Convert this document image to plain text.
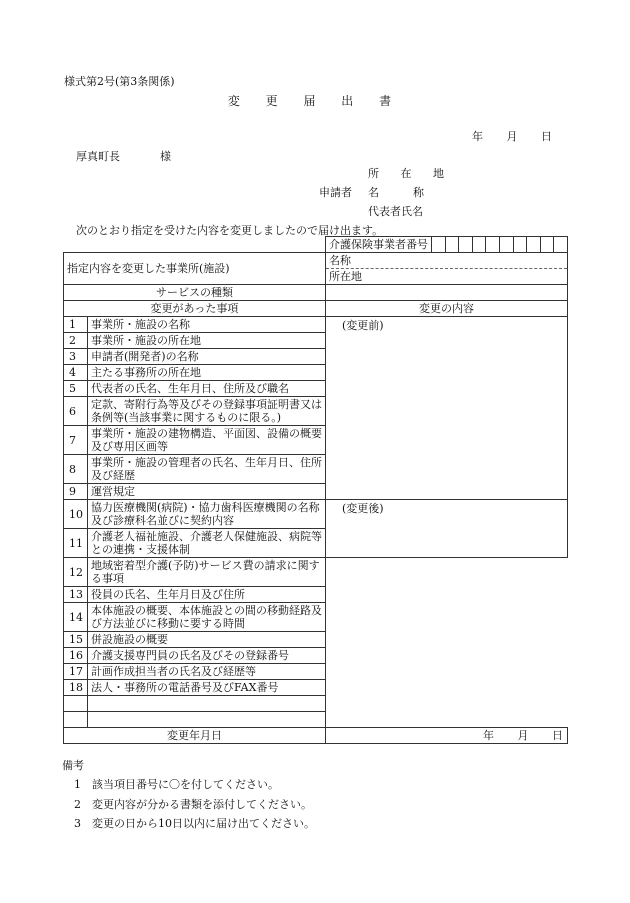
様式第2号(第3条関係)
変 更 届 出 書
年 月 日
厚真町長	様
所 在 地
申請者 名	称
代表者氏名
次のとおり指定を受けた内容を変更しましたので届け出ます。

		介護保険事業者番号

指定内容を変更した事業所(施設)		名称
		所在地
サービスの種類		
変更があった事項		変更の内容
1	事業所・施設の名称	(変更前)
2	事業所・施設の所在地	
3	申請者(開発者)の名称	
4	主たる事務所の所在地	
5	代表者の氏名、生年月日、住所及び職名	
6	定款、寄附行為等及びその登録事項証明書又は条例等(当該事業に関するものに限る。)	
7	事業所・施設の建物構造、平面図、設備の概要及び専用区画等	
8	事業所・施設の管理者の氏名、生年月日、住所及び経歴	
9	運営規定	
10	協力医療機関(病院)・協力歯科医療機関の名称及び診療科名並びに契約内容	(変更後)
11	介護老人福祉施設、介護老人保健施設、病院等との連携・支援体制	
12	地域密着型介護(予防)サービス費の請求に関する事項	
13	役員の氏名、生年月日及び住所	
14	本体施設の概要、本体施設との間の移動経路及び方法並びに移動に要する時間	
15	併設施設の概要	
16	介護支援専門員の氏名及びその登録番号	
17	計画作成担当者の氏名及び経歴等	
18	法人・事務所の電話番号及びFAX番号	

変更年月日		年 月 日
備考
1 該当項目番号に〇を付してください。
2 変更内容が分かる書類を添付してください。
3 変更の日から10日以内に届け出てください。
